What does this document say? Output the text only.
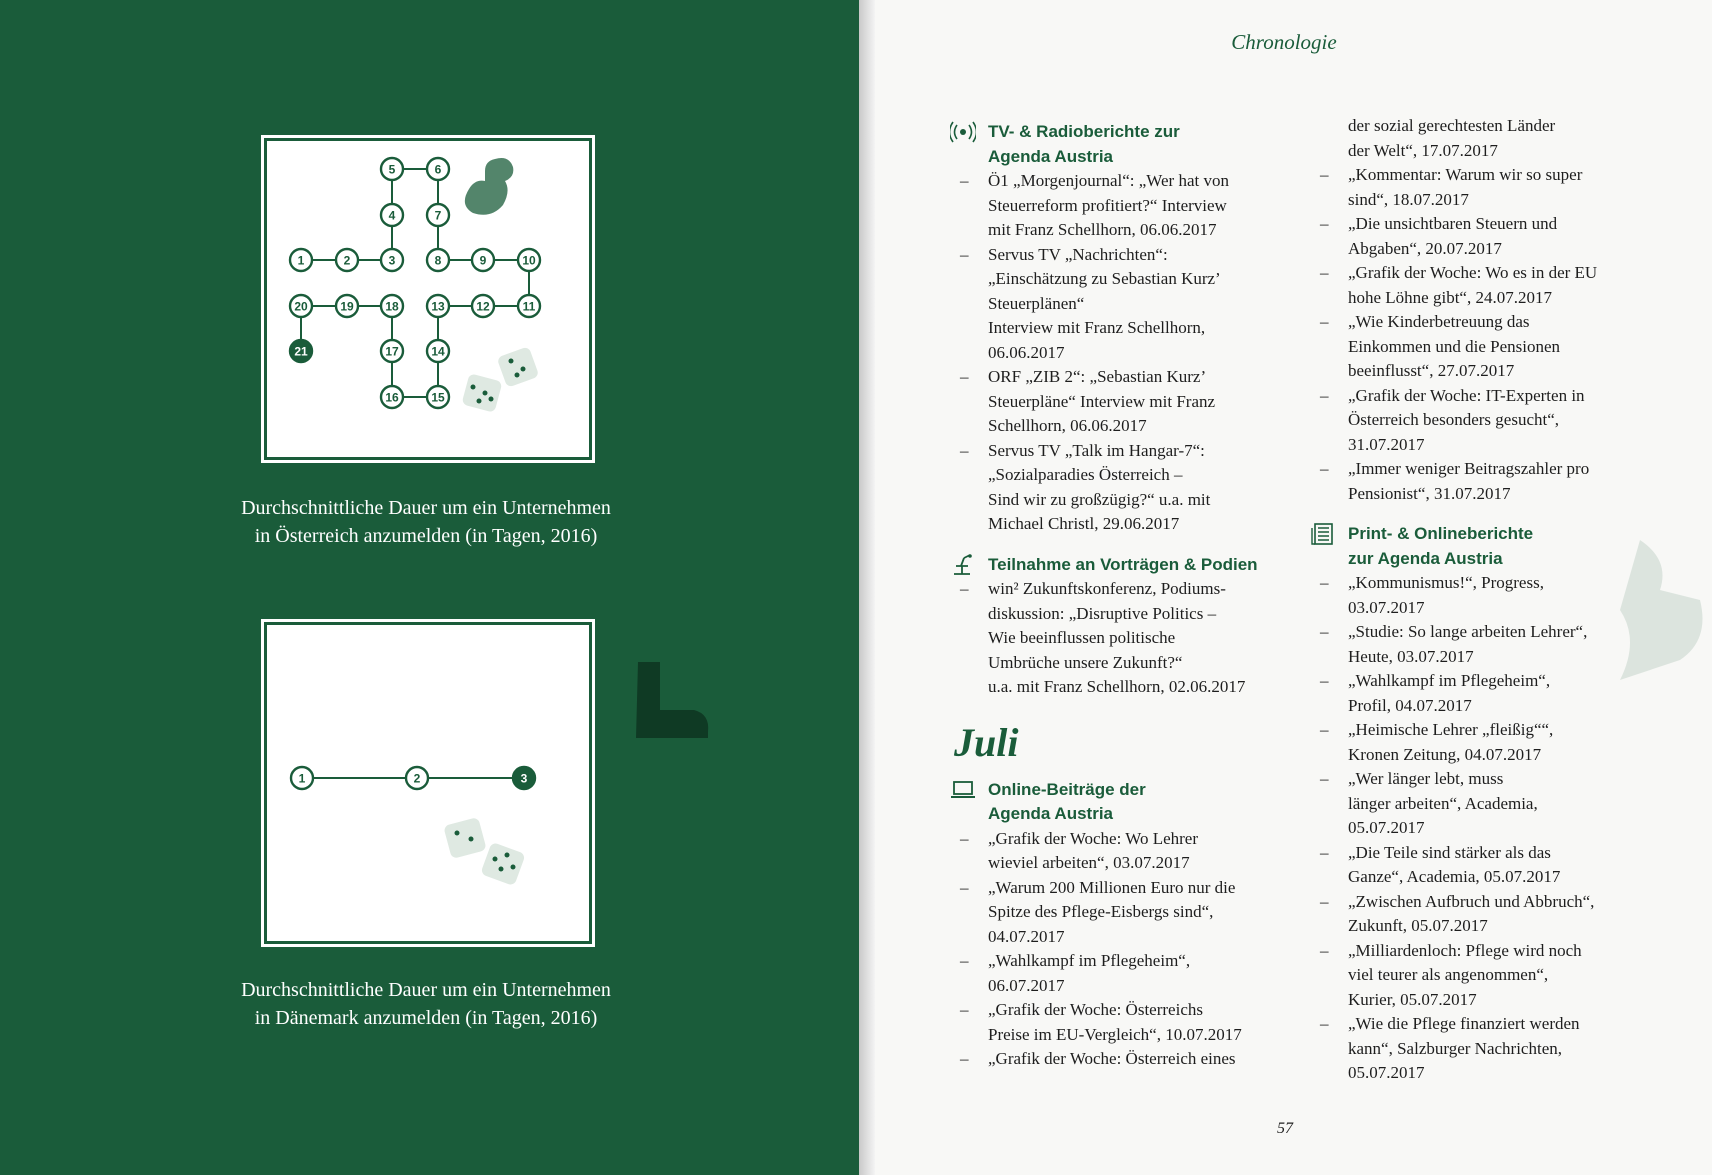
1	2	3
4
5	6
7
8	9	10
11
12
13
14
15
16
17
18
19
20
21
Durchschnittliche Dauer um ein Unternehmen
in Österreich anzumelden (in Tagen, 2016)
1	2	3
Durchschnittliche Dauer um ein Unternehmen
in Dänemark anzumelden (in Tagen, 2016)
Chronologie
TV- & Radioberichte zur
Agenda Austria
– Ö1 „Morgenjournal“: „Wer hat von
Steuerreform profitiert?“ Interview
mit Franz Schellhorn, 06.06.2017
– Servus TV „Nachrichten“:
„Einschätzung zu Sebastian Kurz’
Steuerplänen“
Interview mit Franz Schellhorn,
06.06.2017
– ORF „ZIB 2“: „Sebastian Kurz’
Steuerpläne“ Interview mit Franz
Schellhorn, 06.06.2017
– Servus TV „Talk im Hangar-7“:
„Sozialparadies Österreich –
Sind wir zu großzügig?“ u.a. mit
Michael Christl, 29.06.2017
Teilnahme an Vorträgen & Podien
– win² Zukunftskonferenz, Podiums-
diskussion: „Disruptive Politics –
Wie beeinflussen politische
Umbrüche unsere Zukunft?“
u.a. mit Franz Schellhorn, 02.06.2017
Juli
Online-Beiträge der
Agenda Austria
– „Grafik der Woche: Wo Lehrer
wieviel arbeiten“, 03.07.2017
– „Warum 200 Millionen Euro nur die
Spitze des Pflege-Eisbergs sind“,
04.07.2017
– „Wahlkampf im Pflegeheim“,
06.07.2017
– „Grafik der Woche: Österreichs
Preise im EU-Vergleich“, 10.07.2017
– „Grafik der Woche: Österreich eines
der sozial gerechtesten Länder
der Welt“, 17.07.2017
– „Kommentar: Warum wir so super
sind“, 18.07.2017
– „Die unsichtbaren Steuern und
Abgaben“, 20.07.2017
– „Grafik der Woche: Wo es in der EU
hohe Löhne gibt“, 24.07.2017
– „Wie Kinderbetreuung das
Einkommen und die Pensionen
beeinflusst“, 27.07.2017
– „Grafik der Woche: IT-Experten in
Österreich besonders gesucht“,
31.07.2017
– „Immer weniger Beitragszahler pro
Pensionist“, 31.07.2017
Print- & Onlineberichte
zur Agenda Austria
– „Kommunismus!“, Progress,
03.07.2017
– „Studie: So lange arbeiten Lehrer“,
Heute, 03.07.2017
– „Wahlkampf im Pflegeheim“,
Profil, 04.07.2017
– „Heimische Lehrer „fleißig““,
Kronen Zeitung, 04.07.2017
– „Wer länger lebt, muss
länger arbeiten“, Academia,
05.07.2017
– „Die Teile sind stärker als das
Ganze“, Academia, 05.07.2017
– „Zwischen Aufbruch und Abbruch“,
Zukunft, 05.07.2017
– „Milliardenloch: Pflege wird noch
viel teurer als angenommen“,
Kurier, 05.07.2017
– „Wie die Pflege finanziert werden
kann“, Salzburger Nachrichten,
05.07.2017
57
